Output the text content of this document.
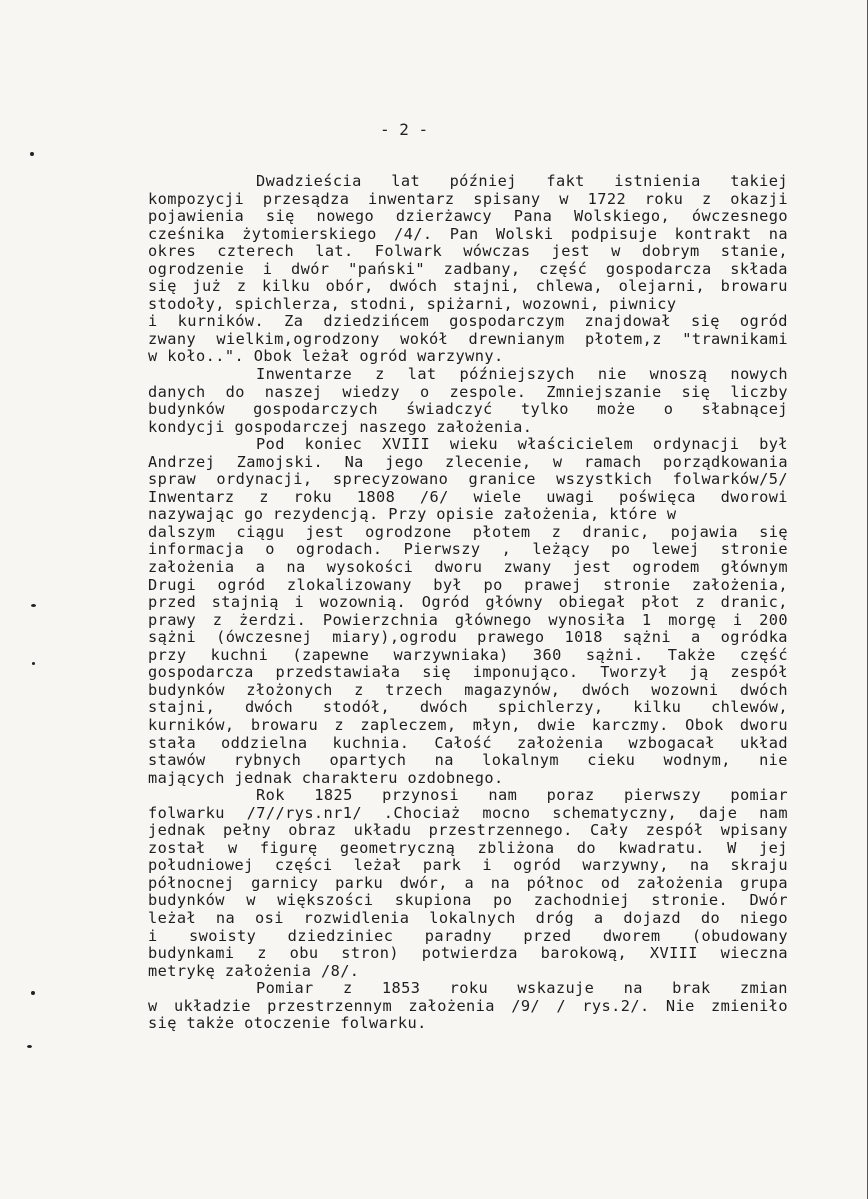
- 2 -
Dwadzieścia lat później fakt istnienia takiej
kompozycji przesądza inwentarz spisany w 1722 roku z okazji
pojawienia się nowego dzierżawcy Pana Wolskiego, ówczesnego
cześnika żytomierskiego /4/. Pan Wolski podpisuje kontrakt na
okres czterech lat. Folwark wówczas jest w dobrym stanie,
ogrodzenie i dwór "pański" zadbany, część gospodarcza składa
się już z kilku obór, dwóch stajni, chlewa, olejarni, browaru
stodoły, spichlerza, stodni, spiżarni, wozowni, piwnicy
i kurników. Za dziedzińcem gospodarczym znajdował się ogród
zwany wielkim,ogrodzony wokół drewnianym płotem,z "trawnikami
w koło..". Obok leżał ogród warzywny.
Inwentarze z lat późniejszych nie wnoszą nowych
danych do naszej wiedzy o zespole. Zmniejszanie się liczby
budynków gospodarczych świadczyć tylko może o słabnącej
kondycji gospodarczej naszego założenia.
Pod koniec XVIII wieku właścicielem ordynacji był
Andrzej Zamojski. Na jego zlecenie, w ramach porządkowania
spraw ordynacji, sprecyzowano granice wszystkich folwarków/5/
Inwentarz z roku 1808 /6/ wiele uwagi poświęca dworowi
nazywając go rezydencją. Przy opisie założenia, które w
dalszym ciągu jest ogrodzone płotem z dranic, pojawia się
informacja o ogrodach. Pierwszy , leżący po lewej stronie
założenia a na wysokości dworu zwany jest ogrodem głównym
Drugi ogród zlokalizowany był po prawej stronie założenia,
przed stajnią i wozownią. Ogród główny obiegał płot z dranic,
prawy z żerdzi. Powierzchnia głównego wynosiła 1 morgę i 200
sążni (ówczesnej miary),ogrodu prawego 1018 sążni a ogródka
przy kuchni (zapewne warzywniaka) 360 sążni. Także część
gospodarcza przedstawiała się imponująco. Tworzył ją zespół
budynków złożonych z trzech magazynów, dwóch wozowni dwóch
stajni, dwóch stodół, dwóch spichlerzy, kilku chlewów,
kurników, browaru z zapleczem, młyn, dwie karczmy. Obok dworu
stała oddzielna kuchnia. Całość założenia wzbogacał układ
stawów rybnych opartych na lokalnym cieku wodnym, nie
mających jednak charakteru ozdobnego.
Rok 1825 przynosi nam poraz pierwszy pomiar
folwarku /7//rys.nr1/ .Chociaż mocno schematyczny, daje nam
jednak pełny obraz układu przestrzennego. Cały zespół wpisany
został w figurę geometryczną zbliżona do kwadratu. W jej
południowej części leżał park i ogród warzywny, na skraju
północnej garnicy parku dwór, a na północ od założenia grupa
budynków w większości skupiona po zachodniej stronie. Dwór
leżał na osi rozwidlenia lokalnych dróg a dojazd do niego
i swoisty dziedziniec paradny przed dworem (obudowany
budynkami z obu stron) potwierdza barokową, XVIII wieczna
metrykę założenia /8/.
Pomiar z 1853 roku wskazuje na brak zmian
w układzie przestrzennym założenia /9/ / rys.2/. Nie zmieniło
się także otoczenie folwarku.
